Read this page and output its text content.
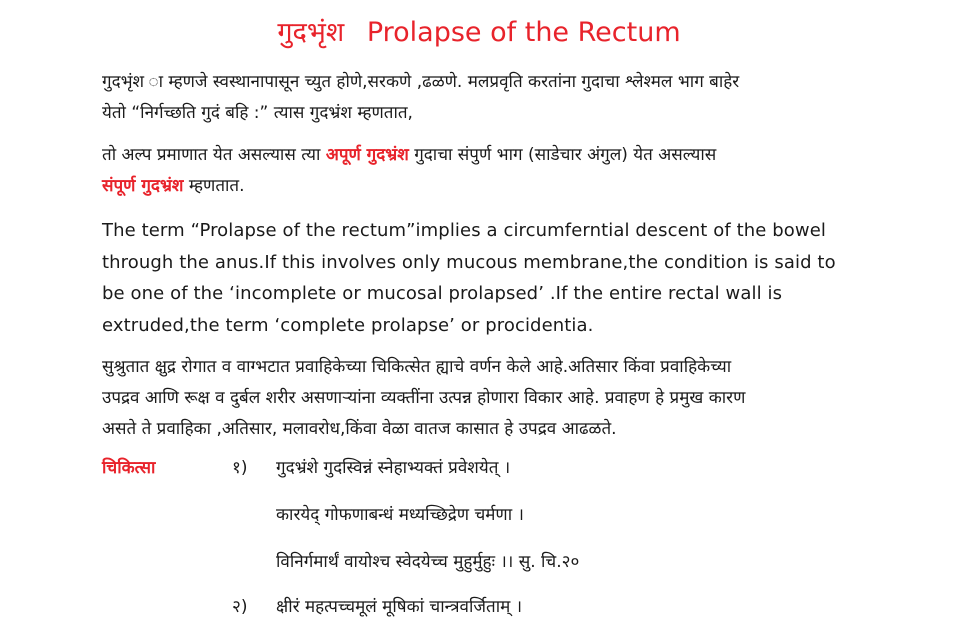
गुदभृंश Prolapse of the Rectum
गुदभृंश ा म्हणजे स्वस्थानापासून च्युत होणे,सरकणे ,ढळणे. मलप्रवृति करतांना गुदाचा श्लेश्मल भाग बाहेर
येतो “निर्गच्छति गुदं बहि :” त्यास गुदभ्रंश म्हणतात,
तो अल्प प्रमाणात येत असल्यास त्या अपूर्ण गुदभ्रंश गुदाचा संपुर्ण भाग (साडेचार अंगुल) येत असल्यास
संपूर्ण गुदभ्रंश म्हणतात.
The term “Prolapse of the rectum”implies a circumferntial descent of the bowel
through the anus.If this involves only mucous membrane,the condition is said to
be one of the ‘incomplete or mucosal prolapsed’ .If the entire rectal wall is
extruded,the term ‘complete prolapse’ or procidentia.
सुश्रुतात क्षुद्र रोगात व वाग्भटात प्रवाहिकेच्या चिकित्सेत ह्याचे वर्णन केले आहे.अतिसार किंवा प्रवाहिकेच्या
उपद्रव आणि रूक्ष व दुर्बल शरीर असणाऱ्यांना व्यक्तींना उत्पन्न होणारा विकार आहे. प्रवाहण हे प्रमुख कारण
असते ते प्रवाहिका ,अतिसार, मलावरोध,किंवा वेळा वातज कासात हे उपद्रव आढळते.
चिकित्सा	१) गुदभ्रंशे गुदस्विन्नं स्नेहाभ्यक्तं प्रवेशयेत् ।
कारयेद् गोफणाबन्धं मध्यच्छिद्रेण चर्मणा ।
विनिर्गमार्थं वायोश्च स्वेदयेच्च मुहुर्मुहुः ।। सु. चि.२०
२) क्षीरं महत्पच्चमूलं मूषिकां चान्त्रवर्जिताम् ।
